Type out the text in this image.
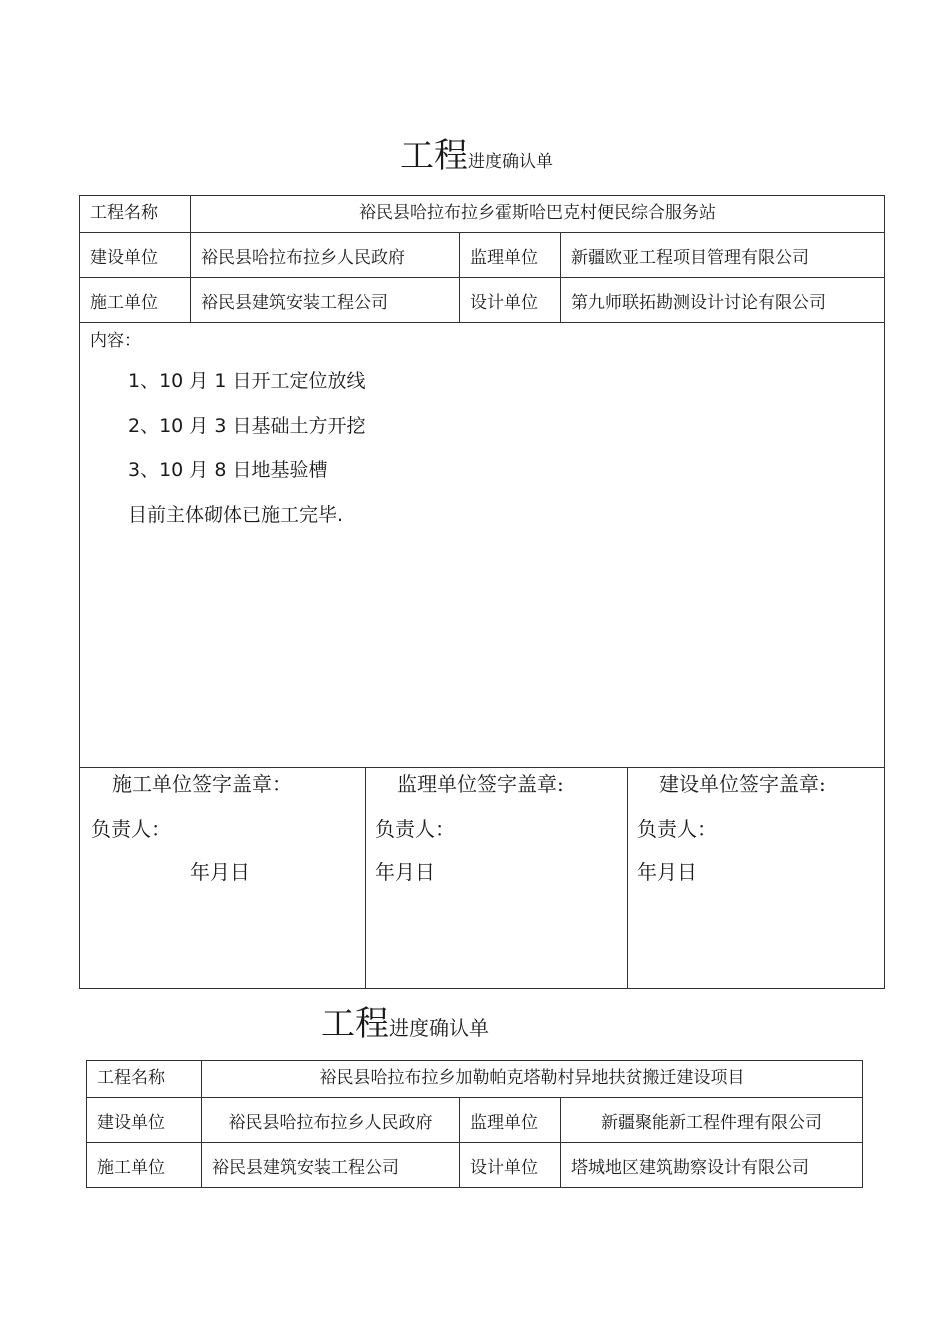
工程进度确认单
工程名称	裕民县哈拉布拉乡霍斯哈巴克村便民综合服务站		
建设单位	裕民县哈拉布拉乡人民政府	监理单位	新疆欧亚工程项目管理有限公司
施工单位	裕民县建筑安装工程公司	设计单位	第九师联拓勘测设计讨论有限公司
内容：
1、10 月 1 日开工定位放线
2、10 月 3 日基础土方开挖
3、10 月 8 日地基验槽
目前主体砌体已施工完毕.
施工单位签字盖章：
负责人：
年月日
监理单位签字盖章:
负责人：
年月日
建设单位签字盖章:
负责人：
年月日
工程进度确认单
工程名称	裕民县哈拉布拉乡加勒帕克塔勒村异地扶贫搬迁建设项目		
建设单位	裕民县哈拉布拉乡人民政府	监理单位	新疆聚能新工程件理有限公司
施工单位	裕民县建筑安装工程公司	设计单位	塔城地区建筑勘察设计有限公司
